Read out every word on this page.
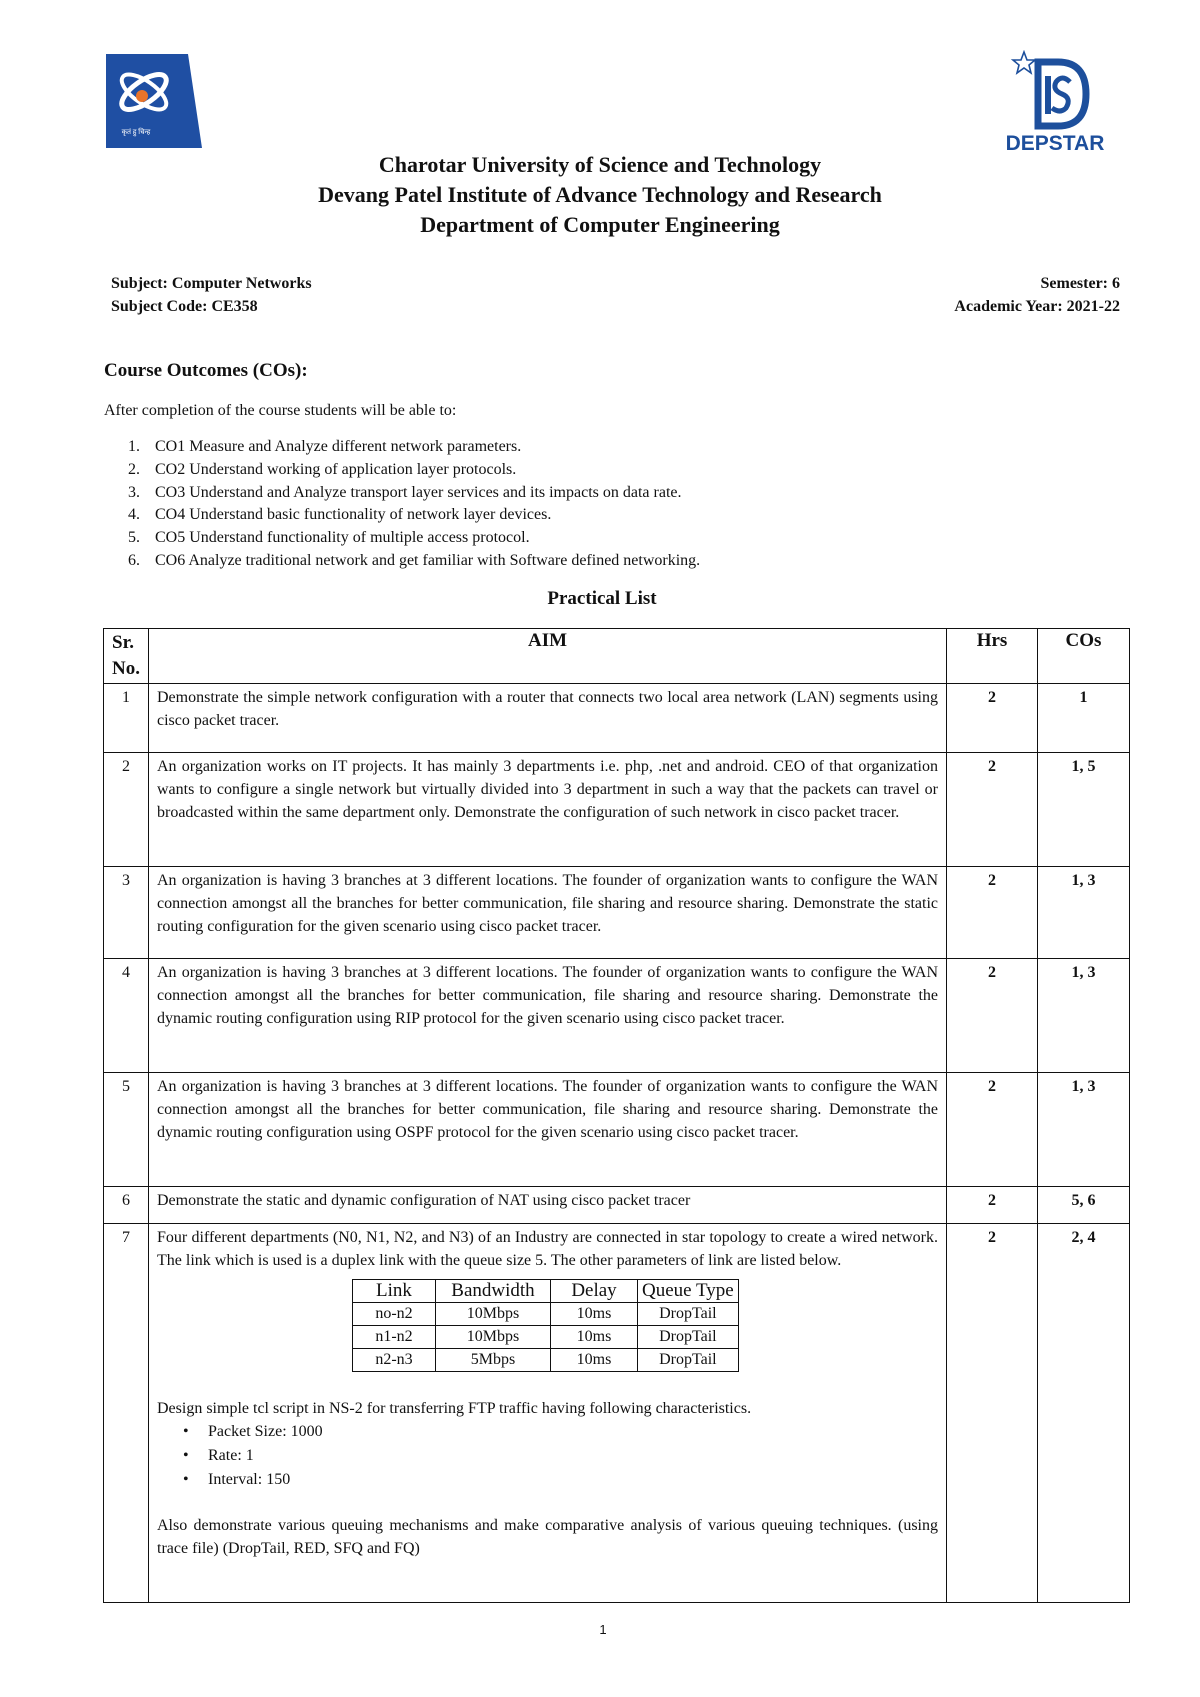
कृतं हु चिन्‍ह	DEPSTAR
Charotar University of Science and Technology
Devang Patel Institute of Advance Technology and Research
Department of Computer Engineering
Subject: Computer Networks
Subject Code: CE358
Semester: 6
Academic Year: 2021-22
Course Outcomes (COs):
After completion of the course students will be able to:
1. CO1 Measure and Analyze different network parameters.
2. CO2 Understand working of application layer protocols.
3. CO3 Understand and Analyze transport layer services and its impacts on data rate.
4. CO4 Understand basic functionality of network layer devices.
5. CO5 Understand functionality of multiple access protocol.
6. CO6 Analyze traditional network and get familiar with Software defined networking.
Practical List
Sr.
No.	AIM	Hrs	COs
1	Demonstrate the simple network configuration with a router that connects two local area network (LAN) segments using cisco packet tracer.	2	1
2	An organization works on IT projects. It has mainly 3 departments i.e. php, .net and android. CEO of that organization wants to configure a single network but virtually divided into 3 department in such a way that the packets can travel or broadcasted within the same department only. Demonstrate the configuration of such network in cisco packet tracer.	2	1, 5
3	An organization is having 3 branches at 3 different locations. The founder of organization wants to configure the WAN connection amongst all the branches for better communication, file sharing and resource sharing. Demonstrate the static routing configuration for the given scenario using cisco packet tracer.	2	1, 3
4	An organization is having 3 branches at 3 different locations. The founder of organization wants to configure the WAN connection amongst all the branches for better communication, file sharing and resource sharing. Demonstrate the dynamic routing configuration using RIP protocol for the given scenario using cisco packet tracer.	2	1, 3
5	An organization is having 3 branches at 3 different locations. The founder of organization wants to configure the WAN connection amongst all the branches for better communication, file sharing and resource sharing. Demonstrate the dynamic routing configuration using OSPF protocol for the given scenario using cisco packet tracer.	2	1, 3
6	Demonstrate the static and dynamic configuration of NAT using cisco packet tracer	2	5, 6
7	Four different departments (N0, N1, N2, and N3) of an Industry are connected in star topology to create a wired network. The link which is used is a duplex link with the queue size 5. The other parameters of link are listed below.
Link	Bandwidth	Delay	Queue Type
no-n2	10Mbps	10ms	DropTail
n1-n2	10Mbps	10ms	DropTail
n2-n3	5Mbps	10ms	DropTail
Design simple tcl script in NS-2 for transferring FTP traffic having following characteristics.
• Packet Size: 1000
• Rate: 1
• Interval: 150
Also demonstrate various queuing mechanisms and make comparative analysis of various queuing techniques. (using trace file) (DropTail, RED, SFQ and FQ)
	2	2, 4
1
